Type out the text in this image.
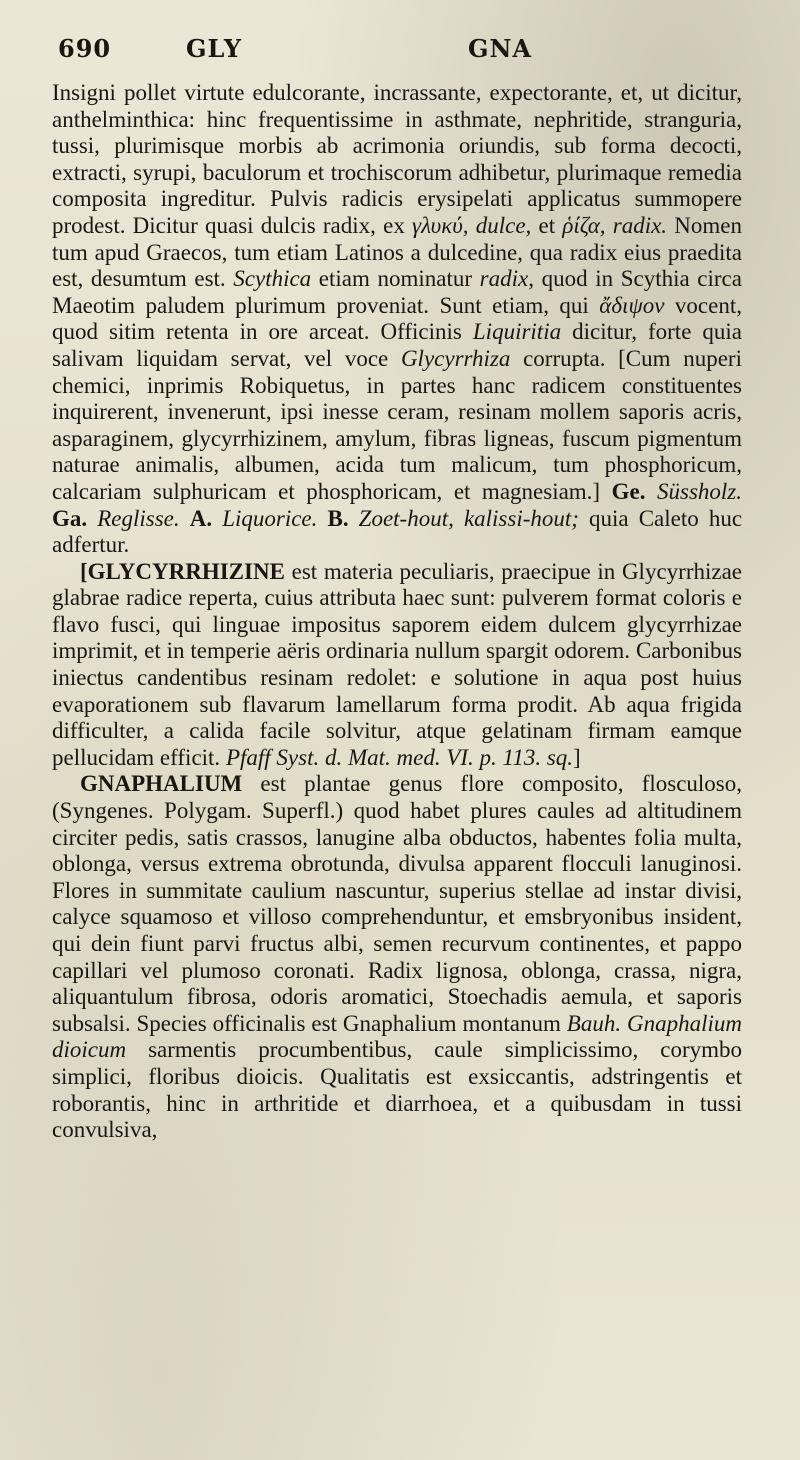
690	GLY	GNA

Insigni pollet virtute edulcorante, incrassante, expectorante, et, ut dicitur, anthelminthica: hinc frequentissime in asthmate, nephritide, stranguria, tussi, plurimisque morbis ab acrimonia oriundis, sub forma decocti, extracti, syrupi, baculorum et trochiscorum adhibetur, plurimaque remedia composita ingreditur. Pulvis radicis erysipelati applicatus summopere prodest. Dicitur quasi dulcis radix, ex γλυκύ, dulce, et ῥίζα, radix. Nomen tum apud Graecos, tum etiam Latinos a dulcedine, qua radix eius praedita est, desumtum est. Scythica etiam nominatur radix, quod in Scythia circa Maeotim paludem plurimum proveniat. Sunt etiam, qui ἄδιψον vocent, quod sitim retenta in ore arceat. Officinis Liquiritia dicitur, forte quia salivam liquidam servat, vel voce Glycyrrhiza corrupta. [Cum nuperi chemici, inprimis Robiquetus, in partes hanc radicem constituentes inquirerent, invenerunt, ipsi inesse ceram, resinam mollem saporis acris, asparaginem, glycyrrhizinem, amylum, fibras ligneas, fuscum pigmentum naturae animalis, albumen, acida tum malicum, tum phosphoricum, calcariam sulphuricam et phosphoricam, et magnesiam.] Ge. Süssholz. Ga. Reglisse. A. Liquorice. B. Zoet-hout, kalissi-hout; quia Caleto huc adfertur.

[GLYCYRRHIZINE est materia peculiaris, praecipue in Glycyrrhizae glabrae radice reperta, cuius attributa haec sunt: pulverem format coloris e flavo fusci, qui linguae impositus saporem eidem dulcem glycyrrhizae imprimit, et in temperie aëris ordinaria nullum spargit odorem. Carbonibus iniectus candentibus resinam redolet: e solutione in aqua post huius evaporationem sub flavarum lamellarum forma prodit. Ab aqua frigida difficulter, a calida facile solvitur, atque gelatinam firmam eamque pellucidam efficit. Pfaff Syst. d. Mat. med. VI. p. 113. sq.]

GNAPHALIUM est plantae genus flore composito, flosculoso, (Syngenes. Polygam. Superfl.) quod habet plures caules ad altitudinem circiter pedis, satis crassos, lanugine alba obductos, habentes folia multa, oblonga, versus extrema obrotunda, divulsa apparent flocculi lanuginosi. Flores in summitate caulium nascuntur, superius stellae ad instar divisi, calyce squamoso et villoso comprehenduntur, et emsbryonibus insident, qui dein fiunt parvi fructus albi, semen recurvum continentes, et pappo capillari vel plumoso coronati. Radix lignosa, oblonga, crassa, nigra, aliquantulum fibrosa, odoris aromatici, Stoechadis aemula, et saporis subsalsi. Species officinalis est Gnaphalium montanum Bauh. Gnaphalium dioicum sarmentis procumbentibus, caule simplicissimo, corymbo simplici, floribus dioicis. Qualitatis est exsiccantis, adstringentis et roborantis, hinc in arthritide et diarrhoea, et a quibusdam in tussi convulsiva,
